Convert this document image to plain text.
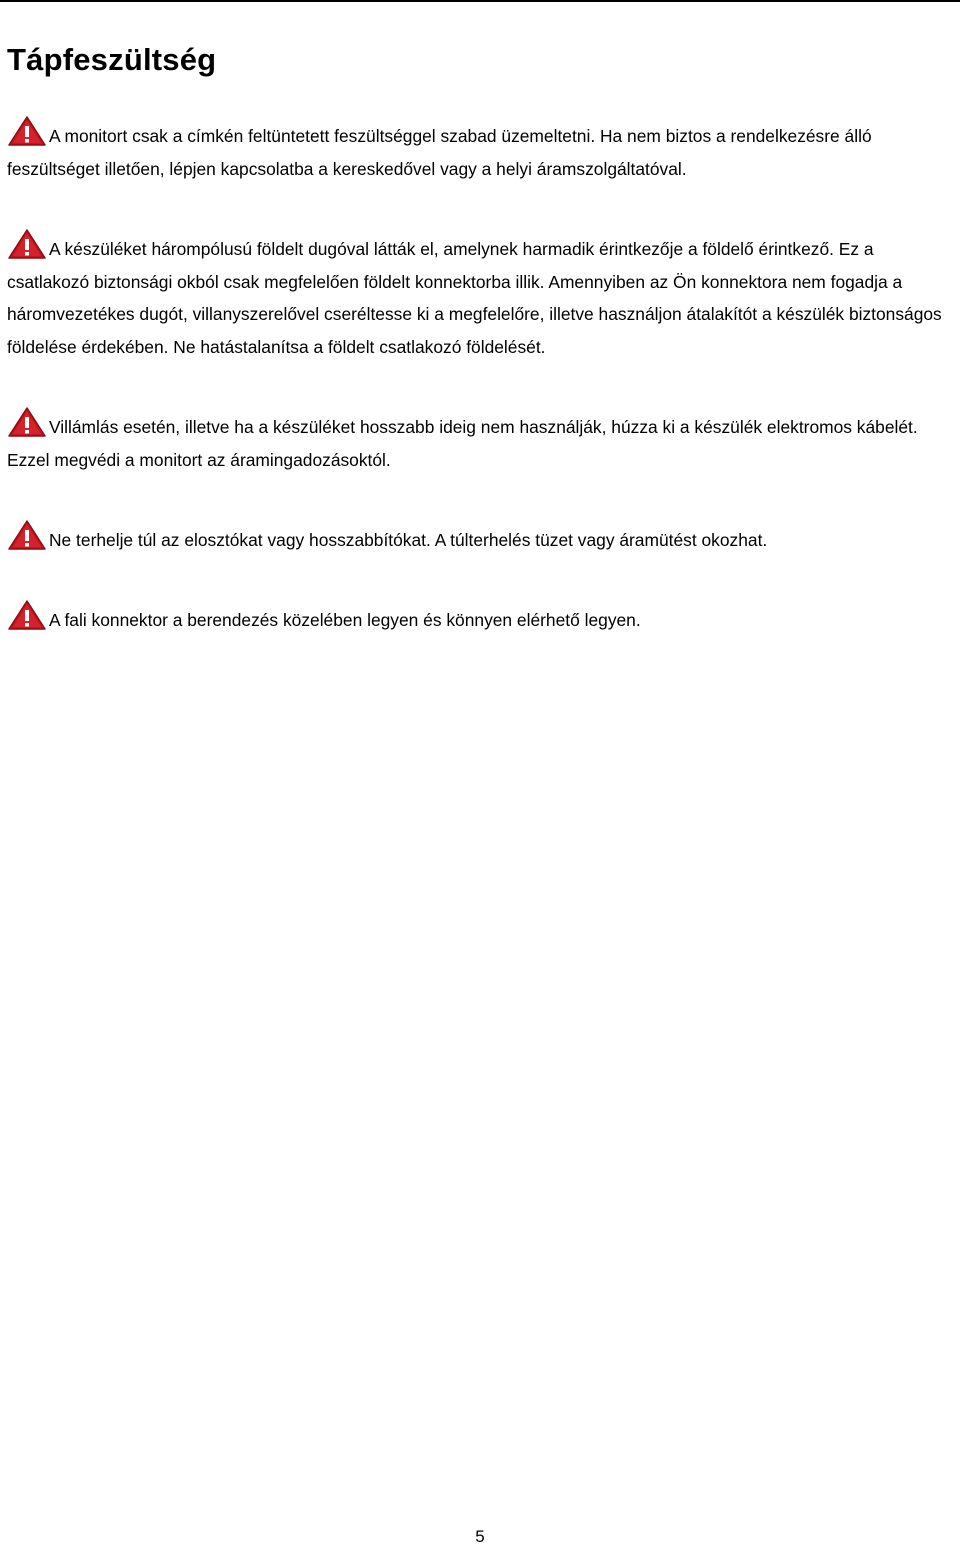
Tápfeszültség

A monitort csak a címkén feltüntetett feszültséggel szabad üzemeltetni. Ha nem biztos a rendelkezésre álló feszültséget illetően, lépjen kapcsolatba a kereskedővel vagy a helyi áramszolgáltatóval.

A készüléket hárompólusú földelt dugóval látták el, amelynek harmadik érintkezője a földelő érintkező. Ez a csatlakozó biztonsági okból csak megfelelően földelt konnektorba illik. Amennyiben az Ön konnektora nem fogadja a háromvezetékes dugót, villanyszerelővel cseréltesse ki a megfelelőre, illetve használjon átalakítót a készülék biztonságos földelése érdekében. Ne hatástalanítsa a földelt csatlakozó földelését.

Villámlás esetén, illetve ha a készüléket hosszabb ideig nem használják, húzza ki a készülék elektromos kábelét. Ezzel megvédi a monitort az áramingadozásoktól.

Ne terhelje túl az elosztókat vagy hosszabbítókat. A túlterhelés tüzet vagy áramütést okozhat.

A fali konnektor a berendezés közelében legyen és könnyen elérhető legyen.

5
